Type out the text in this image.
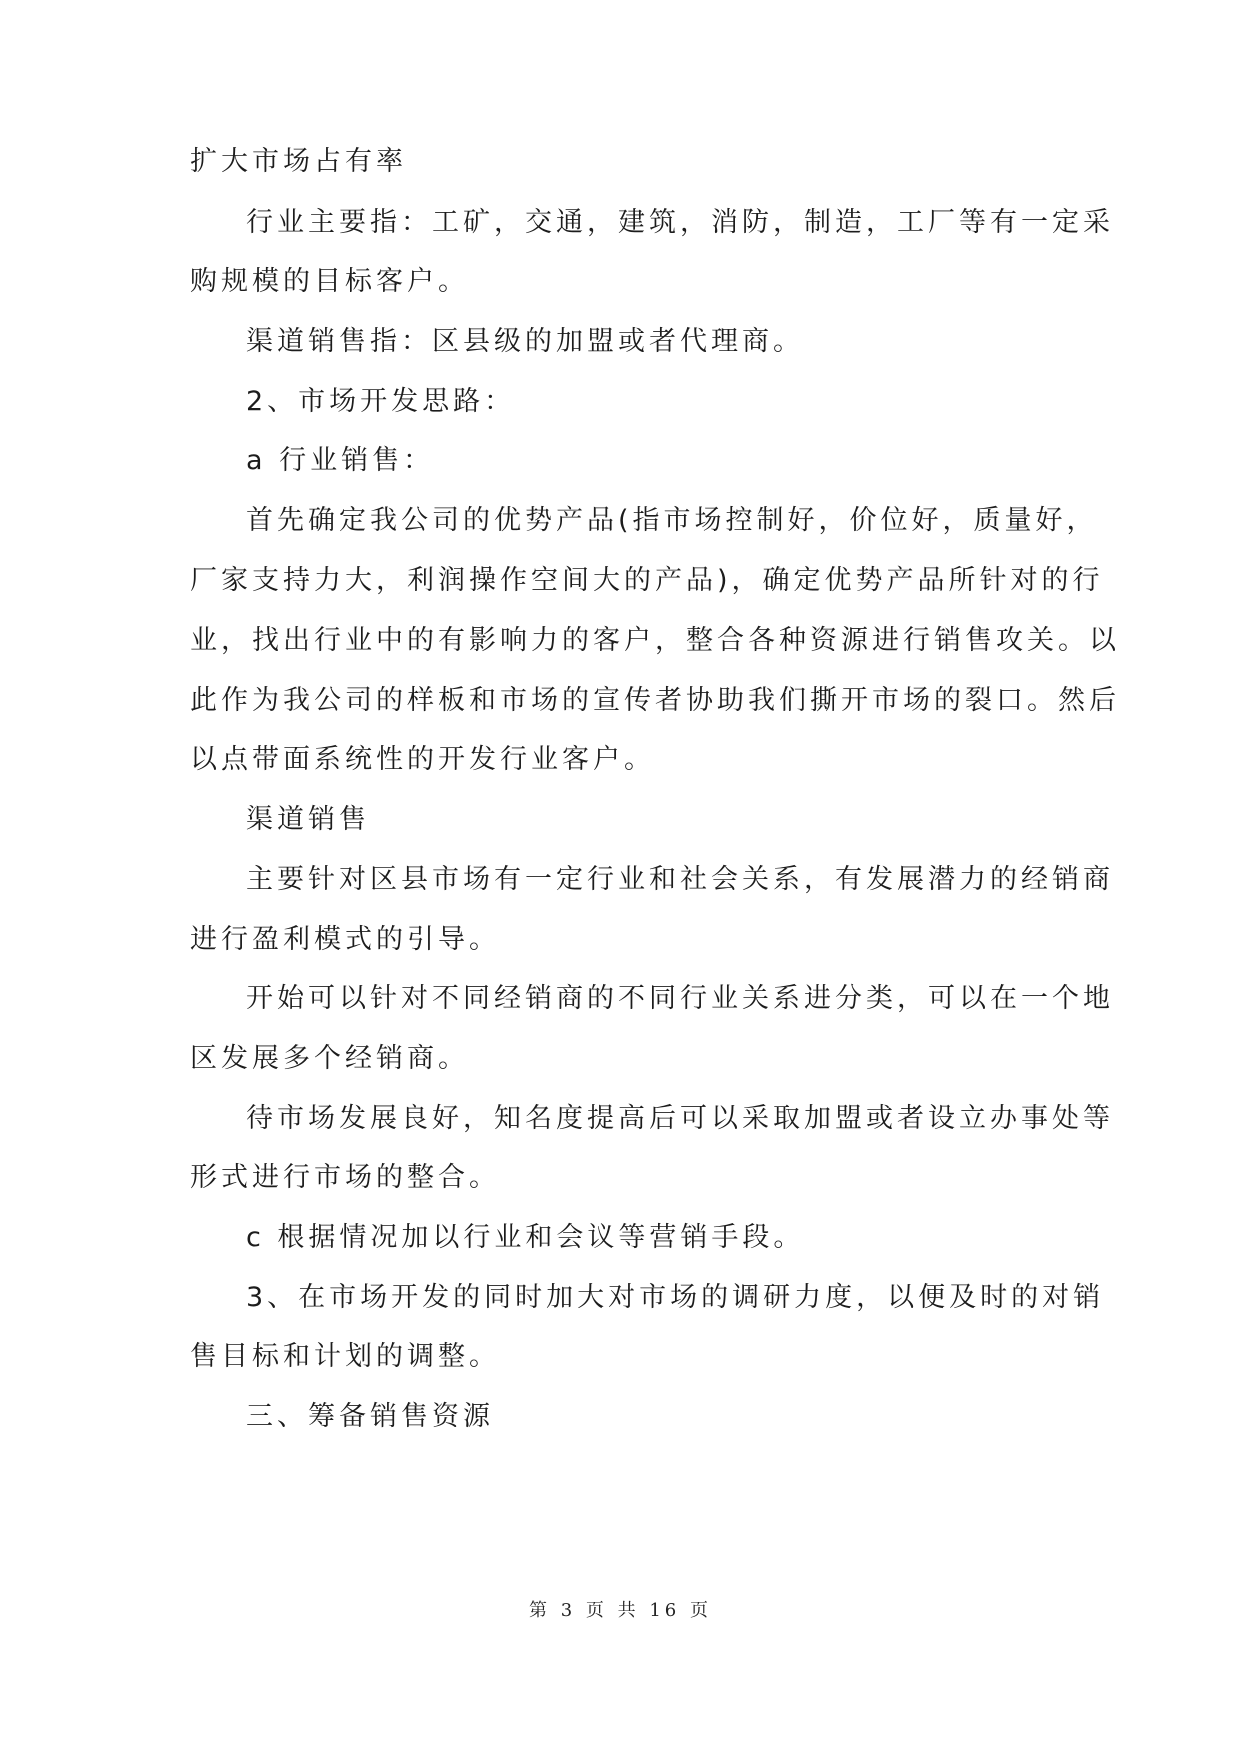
扩大市场占有率
行业主要指：工矿，交通，建筑，消防，制造，工厂等有一定采
购规模的目标客户。
渠道销售指：区县级的加盟或者代理商。
2、市场开发思路：
a 行业销售：
首先确定我公司的优势产品(指市场控制好，价位好，质量好，
厂家支持力大，利润操作空间大的产品)，确定优势产品所针对的行
业，找出行业中的有影响力的客户，整合各种资源进行销售攻关。以
此作为我公司的样板和市场的宣传者协助我们撕开市场的裂口。然后
以点带面系统性的开发行业客户。
渠道销售
主要针对区县市场有一定行业和社会关系，有发展潜力的经销商
进行盈利模式的引导。
开始可以针对不同经销商的不同行业关系进分类，可以在一个地
区发展多个经销商。
待市场发展良好，知名度提高后可以采取加盟或者设立办事处等
形式进行市场的整合。
c 根据情况加以行业和会议等营销手段。
3、在市场开发的同时加大对市场的调研力度，以便及时的对销
售目标和计划的调整。
三、筹备销售资源
第 3 页 共 16 页
